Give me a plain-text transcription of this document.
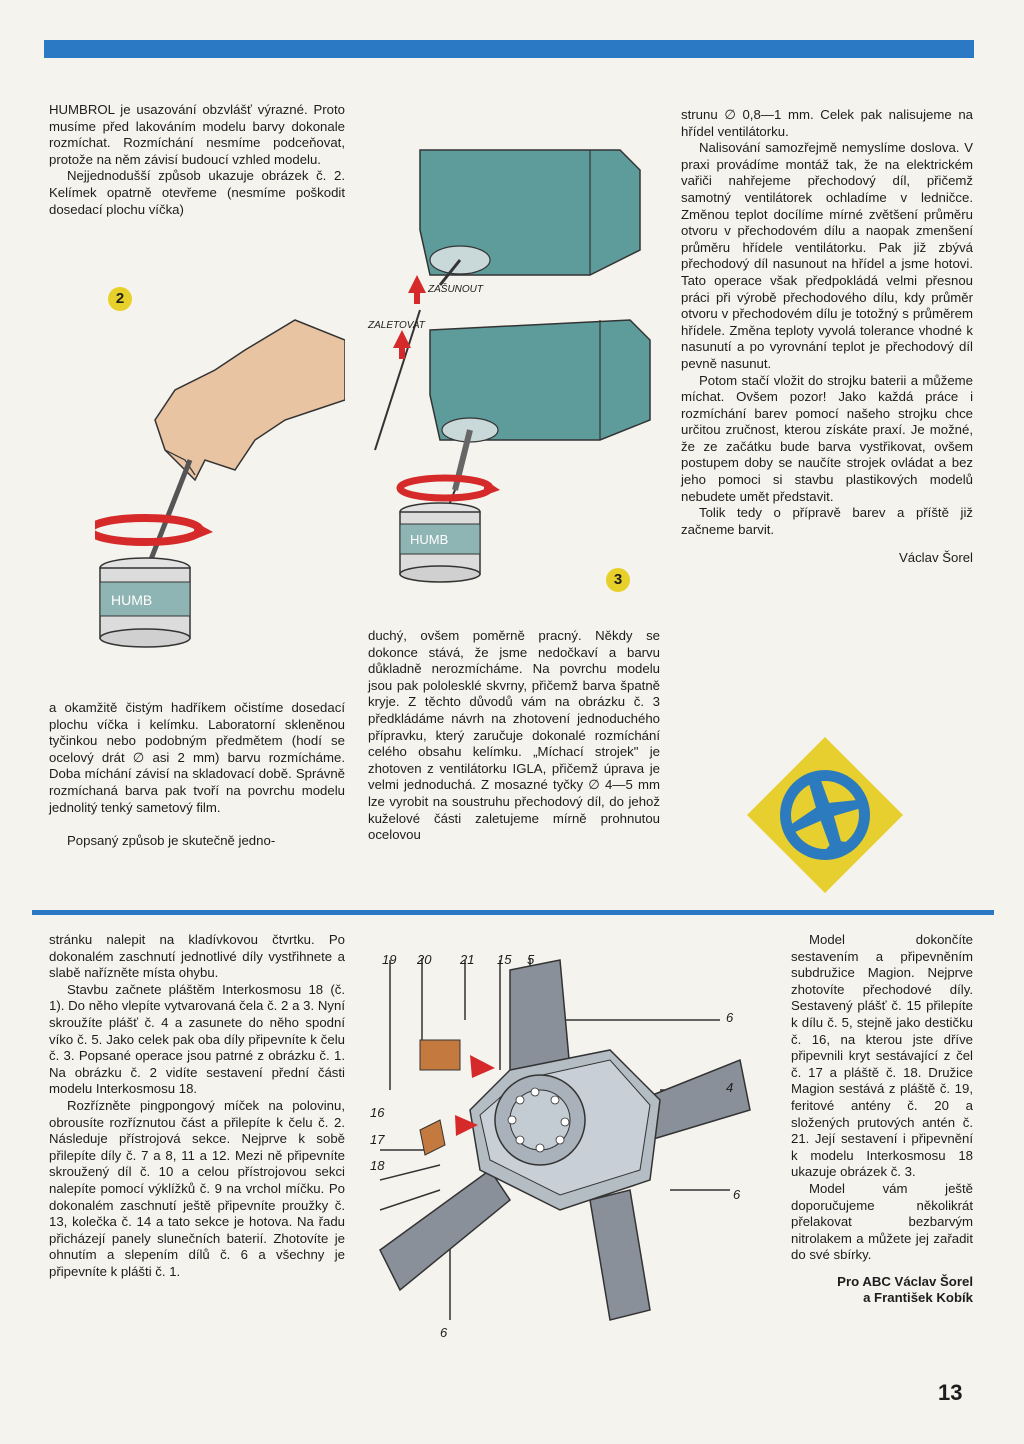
HUMBROL je usazování obzvlášť výrazné. Proto musíme před lakováním modelu barvy dokonale rozmíchat. Rozmíchání nesmíme podceňovat, protože na něm závisí budoucí vzhled modelu.

Nejjednodušší způsob ukazuje obrázek č. 2. Kelímek opatrně otevřeme (nesmíme poškodit dosedací plochu víčka)

2
HUMB

a okamžitě čistým hadříkem očistíme dosedací plochu víčka i kelímku. Laboratorní skleněnou tyčinkou nebo podobným předmětem (hodí se ocelový drát ∅ asi 2 mm) barvu rozmícháme. Doba míchání závisí na skladovací době. Správně rozmíchaná barva pak tvoří na povrchu modelu jednolitý tenký sametový film.

Popsaný způsob je skutečně jedno-

HUMB
ZAŠUNOUT
ZALETOVAT
3

duchý, ovšem poměrně pracný. Někdy se dokonce stává, že jsme nedočkaví a barvu důkladně nerozmícháme. Na povrchu modelu jsou pak pololesklé skvrny, přičemž barva špatně kryje. Z těchto důvodů vám na obrázku č. 3 předkládáme návrh na zhotovení jednoduchého přípravku, který zaručuje dokonalé rozmíchání celého obsahu kelímku. „Míchací strojek" je zhotoven z ventilátorku IGLA, přičemž úprava je velmi jednoduchá. Z mosazné tyčky ∅ 4—5 mm lze vyrobit na soustruhu přechodový díl, do jehož kuželové části zaletujeme mírně prohnutou ocelovou

strunu ∅ 0,8—1 mm. Celek pak nalisujeme na hřídel ventilátorku.

Nalisování samozřejmě nemyslíme doslova. V praxi provádíme montáž tak, že na elektrickém vařiči nahřejeme přechodový díl, přičemž samotný ventilátorek ochladíme v ledničce. Změnou teplot docílíme mírné zvětšení průměru otvoru v přechodovém dílu a naopak zmenšení průměru hřídele ventilátorku. Pak již zbývá přechodový díl nasunout na hřídel a jsme hotovi. Tato operace však předpokládá velmi přesnou práci při výrobě přechodového dílu, kdy průměr otvoru v přechodovém dílu je totožný s průměrem hřídele. Změna teploty vyvolá tolerance vhodné k nasunutí a po vyrovnání teplot je přechodový díl pevně nasunut.

Potom stačí vložit do strojku baterii a můžeme míchat. Ovšem pozor! Jako každá práce i rozmíchání barev pomocí našeho strojku chce určitou zručnost, kterou získáte praxí. Je možné, že ze začátku bude barva vystřikovat, ovšem postupem doby se naučíte strojek ovládat a bez jeho pomoci si stavbu plastikových modelů nebudete umět představit.

Tolik tedy o přípravě barev a příště již začneme barvit.

Václav Šorel

stránku nalepit na kladívkovou čtvrtku. Po dokonalém zaschnutí jednotlivé díly vystřihnete a slabě nařízněte místa ohybu.

Stavbu začnete pláštěm Interkosmosu 18 (č. 1). Do něho vlepíte vytvarovaná čela č. 2 a 3. Nyní skroužíte plášť č. 4 a zasunete do něho spodní víko č. 5. Jako celek pak oba díly připevníte k čelu č. 3. Popsané operace jsou patrné z obrázku č. 1. Na obrázku č. 2 vidíte sestavení přední části modelu Interkosmosu 18.

Rozřízněte pingpongový míček na polovinu, obrousíte rozříznutou část a přilepíte k čelu č. 2. Následuje přístrojová sekce. Nejprve k sobě přilepíte díly č. 7 a 8, 11 a 12. Mezi ně připevníte skroužený díl č. 10 a celou přístrojovou sekci nalepíte pomocí výklížků č. 9 na vrchol míčku. Po dokonalém zaschnutí ještě připevníte proužky č. 13, kolečka č. 14 a tato sekce je hotova. Na řadu přicházejí panely slunečních baterií. Zhotovíte je ohnutím a slepením dílů č. 6 a všechny je připevníte k plášti č. 1.

19 20 21 15 5
6
4
6
6
16
17
18

Model dokončíte sestavením a připevněním subdružice Magion. Nejprve zhotovíte přechodové díly. Sestavený plášť č. 15 přilepíte k dílu č. 5, stejně jako destičku č. 16, na kterou jste dříve připevnili kryt sestávající z čel č. 17 a pláště č. 18. Družice Magion sestává z pláště č. 19, feritové antény č. 20 a složených prutových antén č. 21. Její sestavení i připevnění k modelu Interkosmosu 18 ukazuje obrázek č. 3.

Model vám ještě doporučujeme několikrát přelakovat bezbarvým nitrolakem a můžete jej zařadit do své sbírky.

Pro ABC Václav Šorel

a František Kobík

13
